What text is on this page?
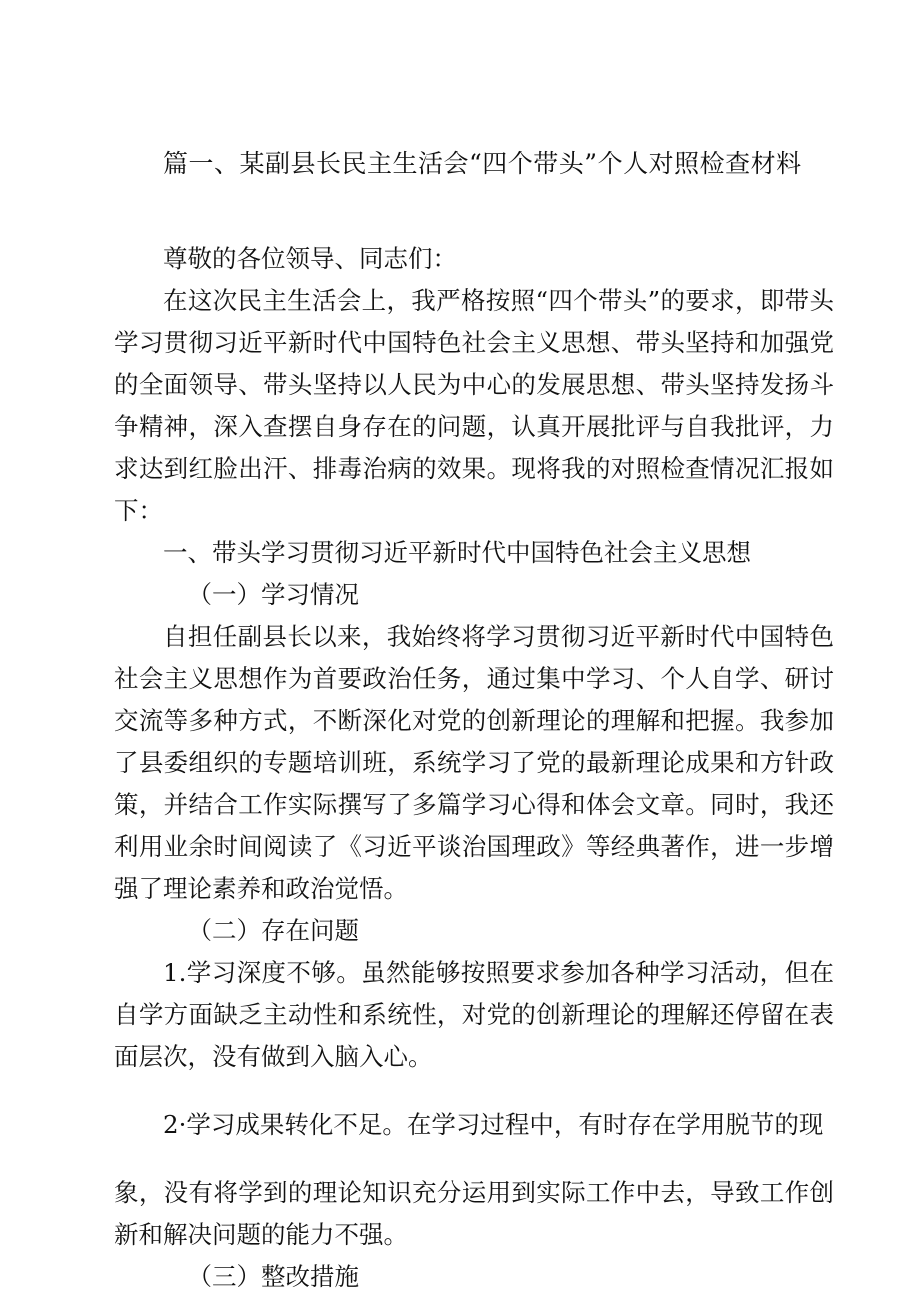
篇一、某副县长民主生活会“四个带头”个人对照检查材料

尊敬的各位领导、同志们：

在这次民主生活会上，我严格按照“四个带头”的要求，即带头学习贯彻习近平新时代中国特色社会主义思想、带头坚持和加强党的全面领导、带头坚持以人民为中心的发展思想、带头坚持发扬斗争精神，深入查摆自身存在的问题，认真开展批评与自我批评，力求达到红脸出汗、排毒治病的效果。现将我的对照检查情况汇报如下：

一、带头学习贯彻习近平新时代中国特色社会主义思想

（一）学习情况

自担任副县长以来，我始终将学习贯彻习近平新时代中国特色社会主义思想作为首要政治任务，通过集中学习、个人自学、研讨交流等多种方式，不断深化对党的创新理论的理解和把握。我参加了县委组织的专题培训班，系统学习了党的最新理论成果和方针政策，并结合工作实际撰写了多篇学习心得和体会文章。同时，我还利用业余时间阅读了《习近平谈治国理政》等经典著作，进一步增强了理论素养和政治觉悟。

（二）存在问题

1.学习深度不够。虽然能够按照要求参加各种学习活动，但在自学方面缺乏主动性和系统性，对党的创新理论的理解还停留在表面层次，没有做到入脑入心。

2·学习成果转化不足。在学习过程中，有时存在学用脱节的现

象，没有将学到的理论知识充分运用到实际工作中去，导致工作创新和解决问题的能力不强。

（三）整改措施
